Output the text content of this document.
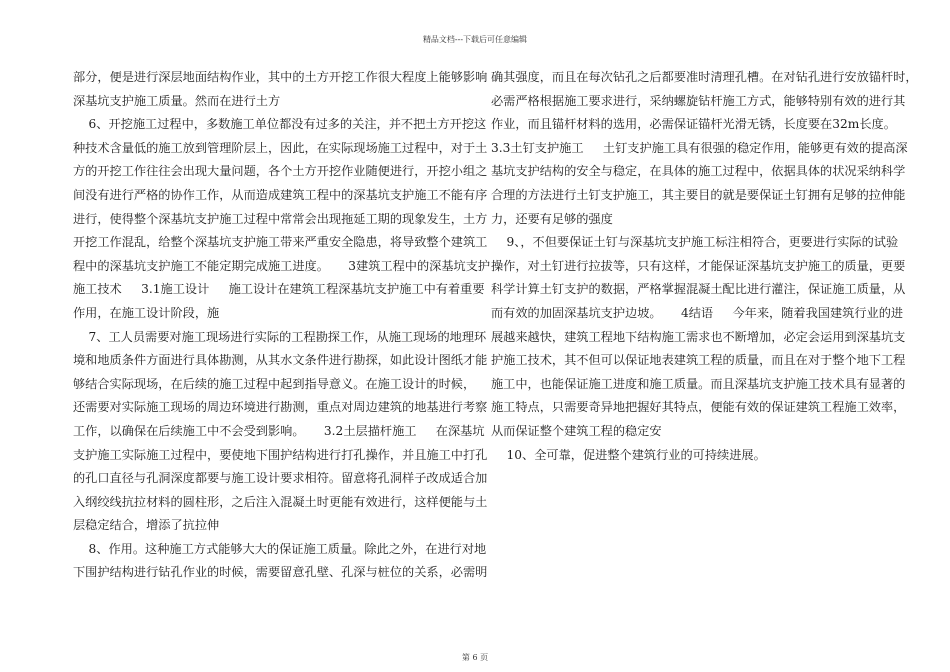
精品文档---下载后可任意编辑
部分，便是进行深层地面结构作业，其中的土方开挖工作很大程度上能够影响
深基坑支护施工质量。然而在进行土方
6、开挖施工过程中，多数施工单位都没有过多的关注，并不把土方开挖这
种技术含量低的施工放到管理阶层上，因此，在实际现场施工过程中，对于土
方的开挖工作往往会出现大量问题，各个土方开挖作业随便进行，开挖小组之
间没有进行严格的协作工作，从而造成建筑工程中的深基坑支护施工不能有序
进行，使得整个深基坑支护施工过程中常常会出现拖延工期的现象发生，土方
开挖工作混乱，给整个深基坑支护施工带来严重安全隐患，将导致整个建筑工
程中的深基坑支护施工不能定期完成施工进度。     3建筑工程中的深基坑支护
施工技术     3.1施工设计     施工设计在建筑工程深基坑支护施工中有着重要
作用，在施工设计阶段，施
7、工人员需要对施工现场进行实际的工程勘探工作，从施工现场的地理环
境和地质条件方面进行具体勘测，从其水文条件进行勘探，如此设计图纸才能
够结合实际现场，在后续的施工过程中起到指导意义。在施工设计的时候，
还需要对实际施工现场的周边环境进行勘测，重点对周边建筑的地基进行考察
工作，以确保在后续施工中不会受到影响。     3.2土层描杆施工     在深基坑
支护施工实际施工过程中，要使地下围护结构进行打孔操作，并且施工中打孔
的孔口直径与孔洞深度都要与施工设计要求相符。留意将孔洞样子改成适合加
入纲绞线抗拉材料的圆柱形，之后注入混凝土时更能有效进行，这样便能与土
层稳定结合，增添了抗拉伸
8、作用。这种施工方式能够大大的保证施工质量。除此之外，在进行对地
下围护结构进行钻孔作业的时候，需要留意孔壁、孔深与桩位的关系，必需明
确其强度，而且在每次钻孔之后都要准时清理孔槽。在对钻孔进行安放锚杆时，
必需严格根据施工要求进行，采纳螺旋钻杆施工方式，能够特别有效的进行其
作业，而且锚杆材料的选用，必需保证锚杆光滑无锈，长度要在32m长度。
3.3土钉支护施工     土钉支护施工具有很强的稳定作用，能够更有效的提高深
基坑支护结构的安全与稳定，在具体的施工过程中，依据具体的状况采纳科学
合理的方法进行土钉支护施工，其主要目的就是要保证土钉拥有足够的拉伸能
力，还要有足够的强度
9、，不但要保证土钉与深基坑支护施工标注相符合，更要进行实际的试验
操作，对土钉进行拉拔等，只有这样，才能保证深基坑支护施工的质量，更要
科学计算土钉支护的数据，严格掌握混凝土配比进行灌注，保证施工质量，从
而有效的加固深基坑支护边坡。     4结语     今年来，随着我国建筑行业的进
展越来越快，建筑工程地下结构施工需求也不断增加，必定会运用到深基坑支
护施工技术，其不但可以保证地表建筑工程的质量，而且在对于整个地下工程
施工中，也能保证施工进度和施工质量。而且深基坑支护施工技术具有显著的
施工特点，只需要奇异地把握好其特点，便能有效的保证建筑工程施工效率，
从而保证整个建筑工程的稳定安
10、全可靠，促进整个建筑行业的可持续进展。
第 6 页
